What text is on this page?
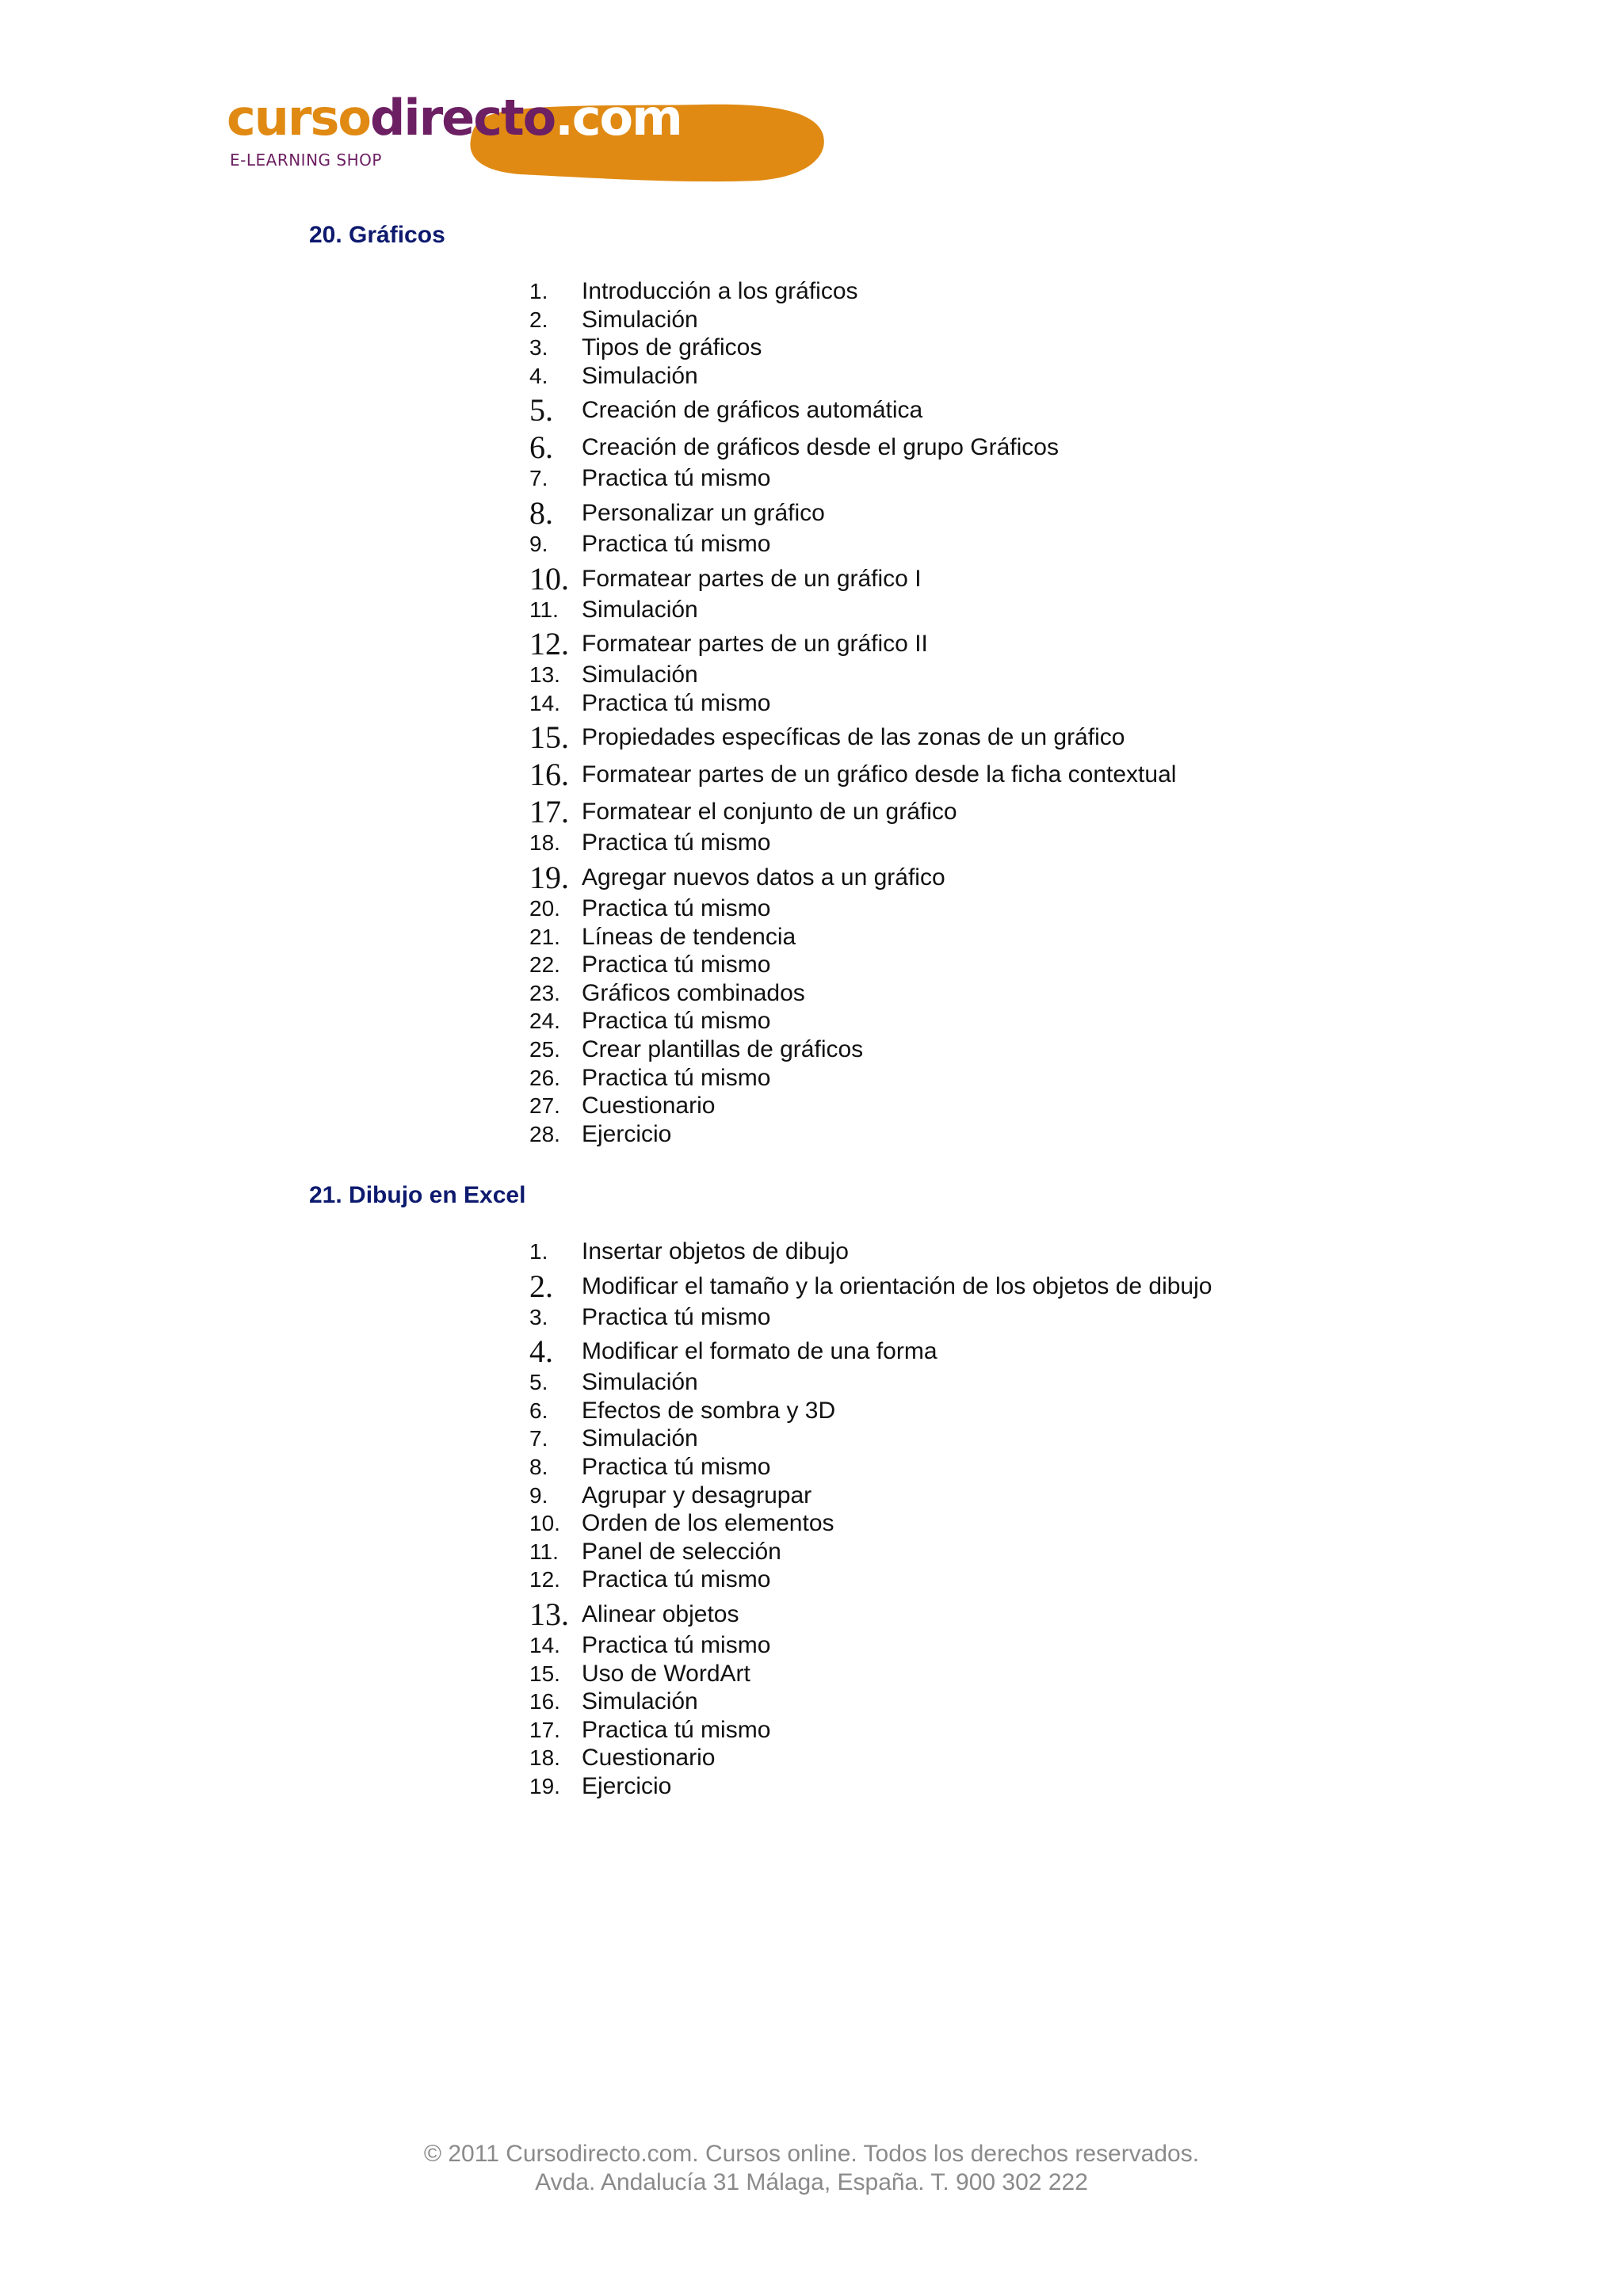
cursodirecto.com
E-LEARNING SHOP
20. Gráficos
1. Introducción a los gráficos
2. Simulación
3. Tipos de gráficos
4. Simulación
5. Creación de gráficos automática
6. Creación de gráficos desde el grupo Gráficos
7. Practica tú mismo
8. Personalizar un gráfico
9. Practica tú mismo
10. Formatear partes de un gráfico I
11. Simulación
12. Formatear partes de un gráfico II
13. Simulación
14. Practica tú mismo
15. Propiedades específicas de las zonas de un gráfico
16. Formatear partes de un gráfico desde la ficha contextual
17. Formatear el conjunto de un gráfico
18. Practica tú mismo
19. Agregar nuevos datos a un gráfico
20. Practica tú mismo
21. Líneas de tendencia
22. Practica tú mismo
23. Gráficos combinados
24. Practica tú mismo
25. Crear plantillas de gráficos
26. Practica tú mismo
27. Cuestionario
28. Ejercicio
21. Dibujo en Excel
1. Insertar objetos de dibujo
2. Modificar el tamaño y la orientación de los objetos de dibujo
3. Practica tú mismo
4. Modificar el formato de una forma
5. Simulación
6. Efectos de sombra y 3D
7. Simulación
8. Practica tú mismo
9. Agrupar y desagrupar
10. Orden de los elementos
11. Panel de selección
12. Practica tú mismo
13. Alinear objetos
14. Practica tú mismo
15. Uso de WordArt
16. Simulación
17. Practica tú mismo
18. Cuestionario
19. Ejercicio
© 2011 Cursodirecto.com. Cursos online. Todos los derechos reservados.
Avda. Andalucía 31 Málaga, España. T. 900 302 222
